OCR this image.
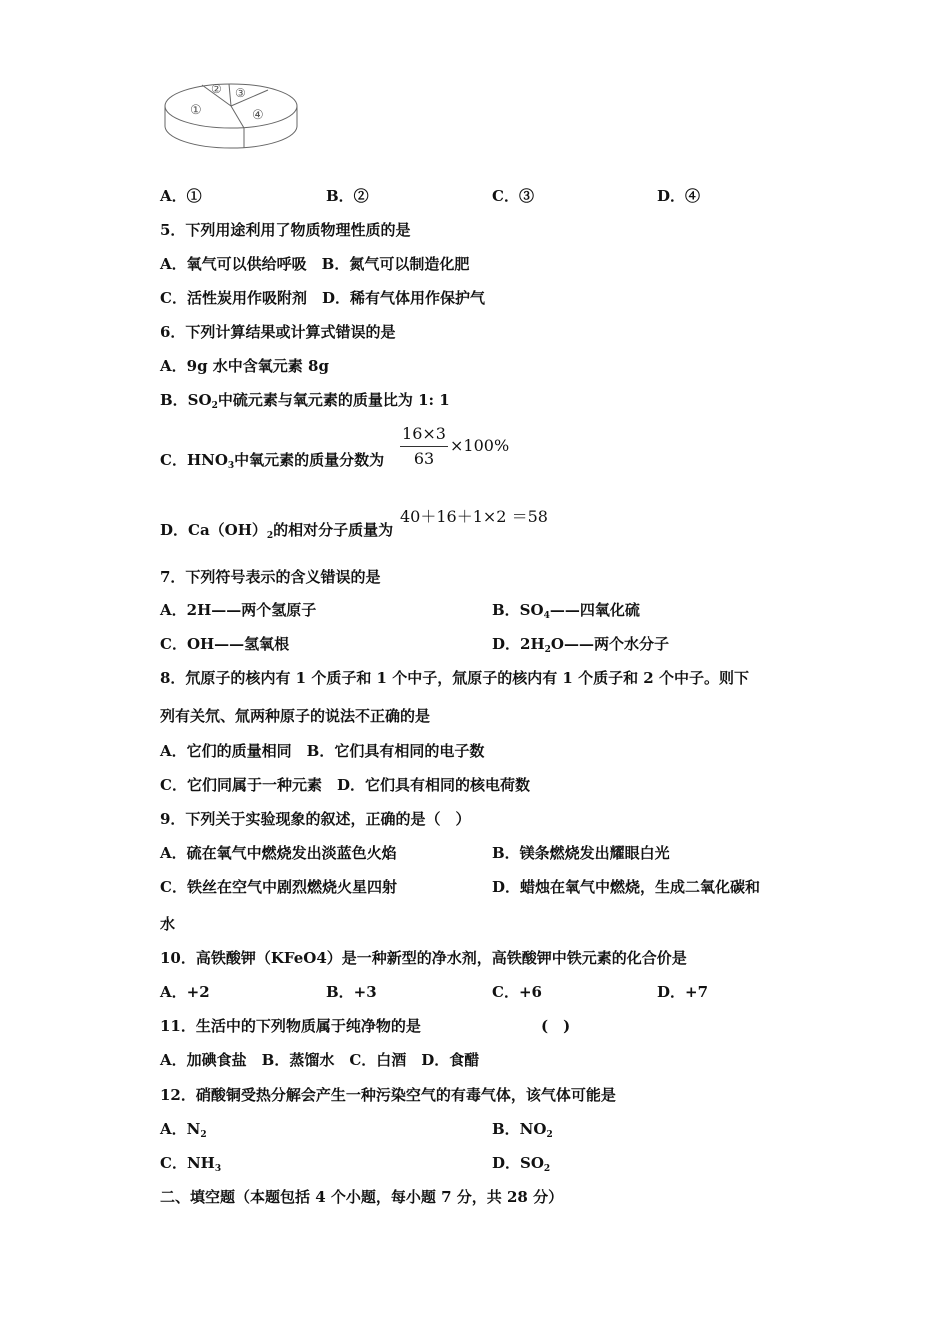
①
② ③
④
A．①	B．②	C．③	D．④
5．下列用途利用了物质物理性质的是
A．氧气可以供给呼吸　B．氮气可以制造化肥
C．活性炭用作吸附剂　D．稀有气体用作保护气
6．下列计算结果或计算式错误的是
A．9g 水中含氧元素 8g
B．$SO_2$中硫元素与氧元素的质量比为 1: 1
C．$HNO_3$中氧元素的质量分数为
16×3
63
×100%
D．$Ca(OH)_2$的相对分子质量为
40＋16＋1×2 ＝58
7．下列符号表示的含义错误的是
A．2H——两个氢原子	B．$SO_4——$四氧化硫
C．OH——氢氧根	D．$2H_2O——$两个水分子
8．氘原子的核内有 1 个质子和 1 个中子，氚原子的核内有 1 个质子和 2 个中子。则下
列有关氘、氚两种原子的说法不正确的是
A．它们的质量相同　B．它们具有相同的电子数
C．它们同属于一种元素　D．它们具有相同的核电荷数
9．下列关于实验现象的叙述，正确的是（　）
A．硫在氧气中燃烧发出淡蓝色火焰	B．镁条燃烧发出耀眼白光
C．铁丝在空气中剧烈燃烧火星四射	D．蜡烛在氧气中燃烧，生成二氧化碳和
水
10．高铁酸钾（KFeO4）是一种新型的净水剂，高铁酸钾中铁元素的化合价是
A．+2	B．+3	C．+6	D．+7
11．生活中的下列物质属于纯净物的是	(　)
A．加碘食盐　B．蒸馏水　C．白酒　D．食醋
12．硝酸铜受热分解会产生一种污染空气的有毒气体，该气体可能是
A．$N_2$	B．$NO_2$
C．$NH_3$	D．$SO_2$
二、填空题（本题包括 4 个小题，每小题 7 分，共 28 分）
